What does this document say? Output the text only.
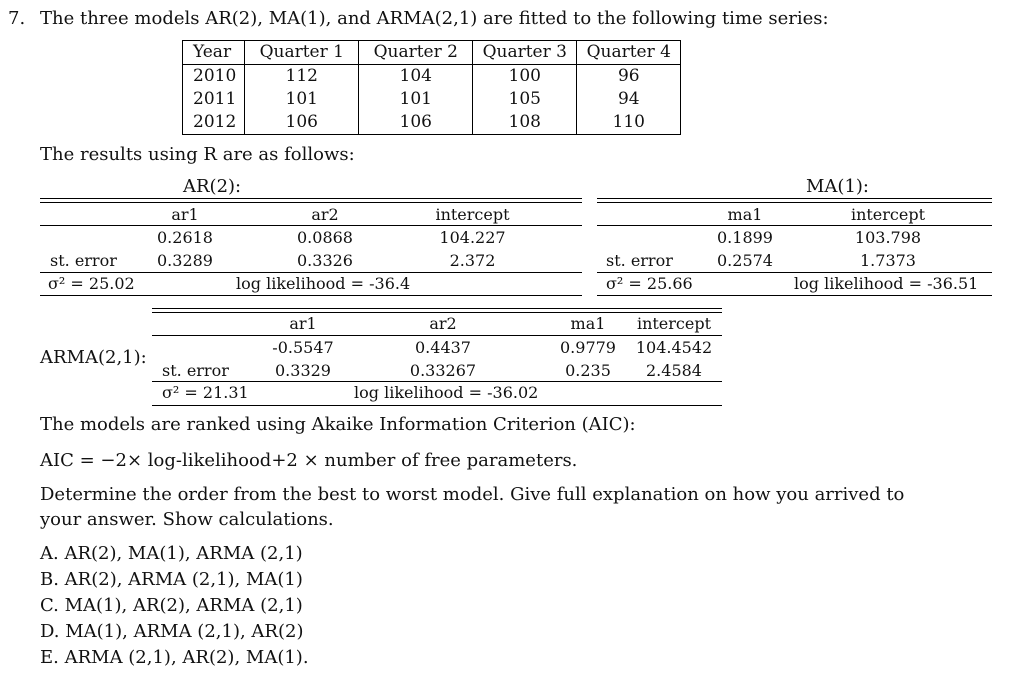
7. The three models AR(2), MA(1), and ARMA(2,1) are fitted to the following time series:
Year	Quarter 1	Quarter 2	Quarter 3	Quarter 4
2010	112	104	100	96
2011	101	101	105	94
2012	106	106	108	110
The results using R are as follows:
AR(2):
ar1	ar2	intercept
0.2618	0.0868	104.227
st. error	0.3289	0.3326	2.372
σ² = 25.02	log likelihood = -36.4
MA(1):
ma1	intercept
0.1899	103.798
st. error	0.2574	1.7373
σ² = 25.66	log likelihood = -36.51
ARMA(2,1):
ar1	ar2	ma1	intercept
-0.5547	0.4437	0.9779	104.4542
st. error	0.3329	0.33267	0.235	2.4584
σ² = 21.31	log likelihood = -36.02
The models are ranked using Akaike Information Criterion (AIC):
AIC = −2× log-likelihood+2 × number of free parameters.
Determine the order from the best to worst model. Give full explanation on how you arrived to
your answer. Show calculations.
A. AR(2), MA(1), ARMA (2,1)
B. AR(2), ARMA (2,1), MA(1)
C. MA(1), AR(2), ARMA (2,1)
D. MA(1), ARMA (2,1), AR(2)
E. ARMA (2,1), AR(2), MA(1).
